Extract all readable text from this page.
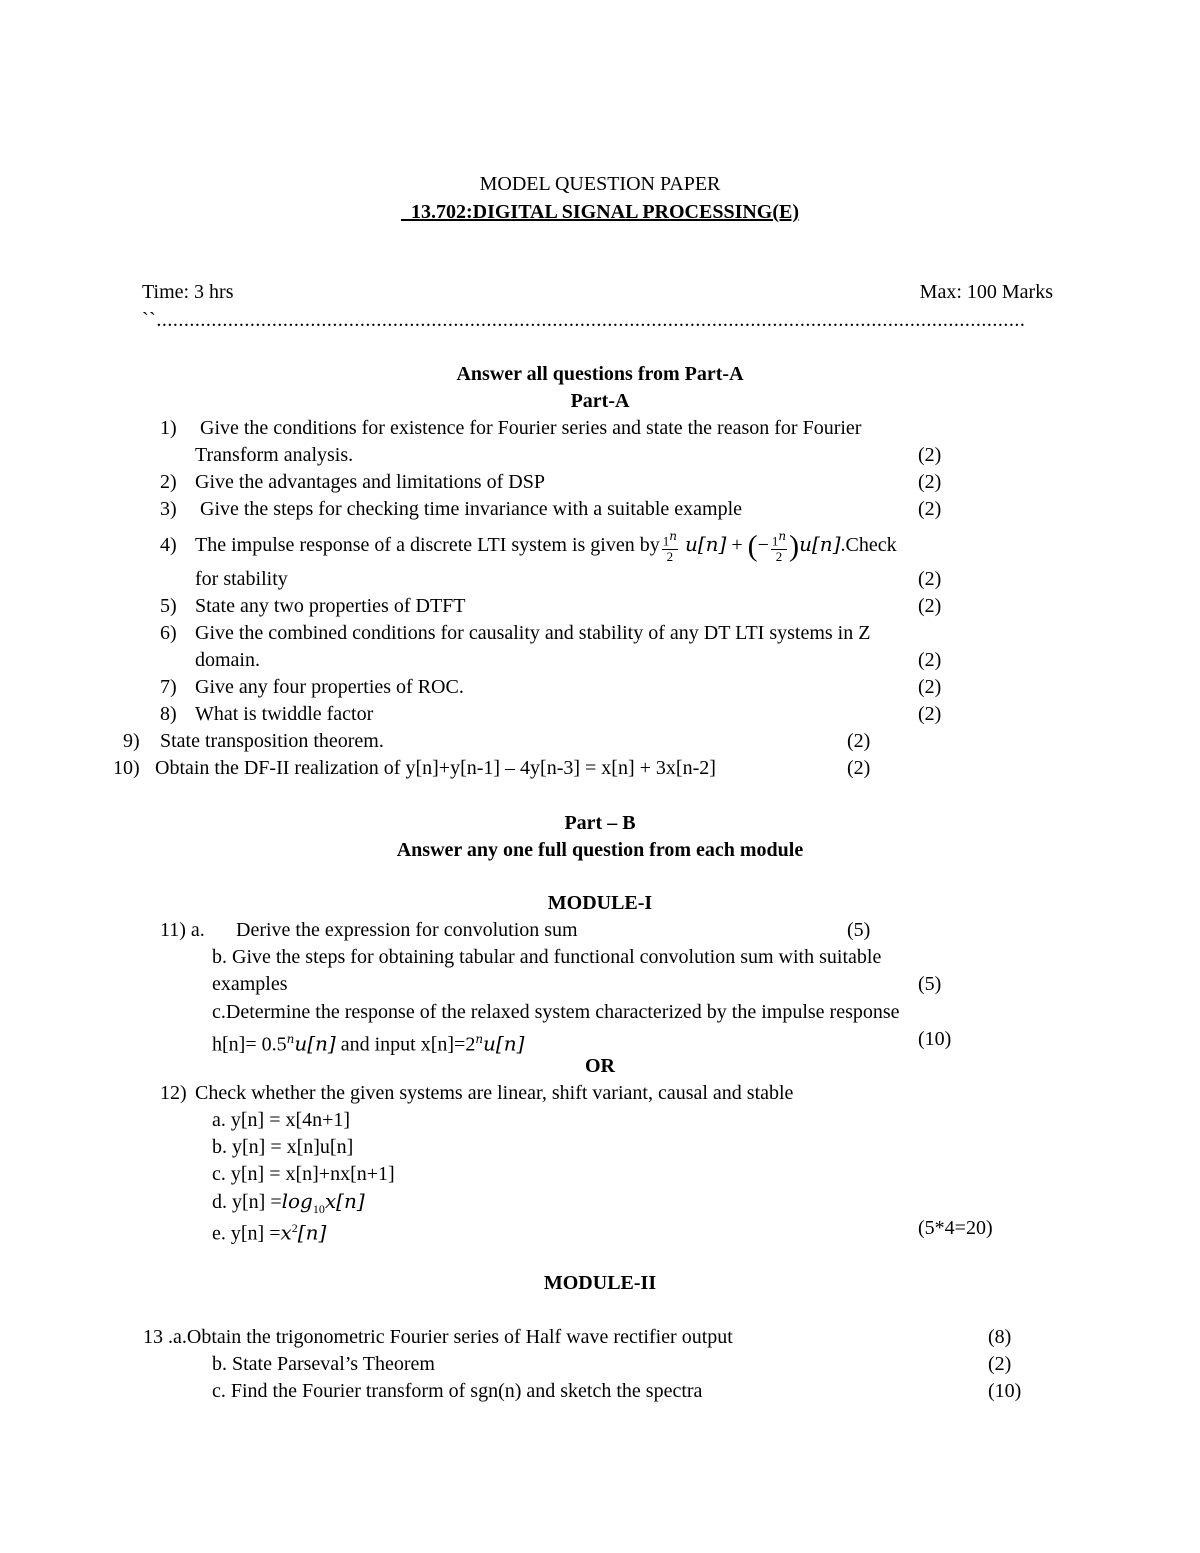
MODEL QUESTION PAPER
13.702:DIGITAL SIGNAL PROCESSING(E)
Time: 3 hrs	Max: 100 Marks
``..............................................................................................................................................................
Answer all questions from Part-A
Part-A
1) Give the conditions for existence for Fourier series and state the reason for Fourier
Transform analysis.	(2)
2) Give the advantages and limitations of DSP	(2)
3) Give the steps for checking time invariance with a suitable example	(2)
4) The impulse response of a discrete LTI system is given by $\frac{1^n}{2} u[n]$ + (− $\frac{1^n}{2}$ )u[n].Check
for stability	(2)
5) State any two properties of DTFT	(2)
6) Give the combined conditions for causality and stability of any DT LTI systems in Z
domain.	(2)
7) Give any four properties of ROC.	(2)
8) What is twiddle factor	(2)
9) State transposition theorem.	(2)
10) Obtain the DF-II realization of y[n]+y[n-1] – 4y[n-3] = x[n] + 3x[n-2]	(2)
Part – B
Answer any one full question from each module
MODULE-I
11) a. Derive the expression for convolution sum	(5)
b. Give the steps for obtaining tabular and functional convolution sum with suitable
examples	(5)
c.Determine the response of the relaxed system characterized by the impulse response
$h[n]= 0.5^nu[n]$ and input $x[n]=2^nu[n]$	(10)
OR
12) Check whether the given systems are linear, shift variant, causal and stable
a. y[n] = x[4n+1]
b. y[n] = x[n]u[n]
c. y[n] = x[n]+nx[n+1]
d. $y[n] =\log_{10}x[n]$
e. $y[n] =x^2[n]$	(5*4=20)
MODULE-II
13 .a.Obtain the trigonometric Fourier series of Half wave rectifier output	(8)
b. State Parseval’s Theorem	(2)
c. Find the Fourier transform of sgn(n) and sketch the spectra	(10)
